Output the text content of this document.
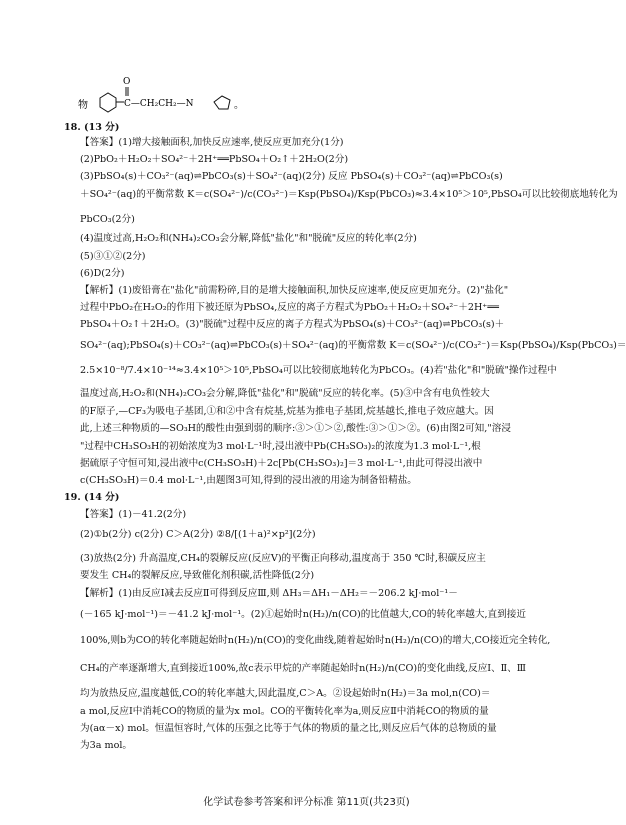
物
O
C—CH₂CH₂—N	。
18. (13 分)
【答案】(1)增大接触面积,加快反应速率,使反应更加充分(1分)
(2)PbO₂＋H₂O₂＋SO₄²⁻＋2H⁺══PbSO₄＋O₂↑＋2H₂O(2分)
(3)PbSO₄(s)＋CO₃²⁻(aq)⇌PbCO₃(s)＋SO₄²⁻(aq)(2分) 反应 PbSO₄(s)＋CO₃²⁻(aq)⇌PbCO₃(s)
＋SO₄²⁻(aq)的平衡常数 K＝c(SO₄²⁻)/c(CO₃²⁻)＝Ksp(PbSO₄)/Ksp(PbCO₃)≈3.4×10⁵＞10⁵,PbSO₄可以比较彻底地转化为
PbCO₃(2分)
(4)温度过高,H₂O₂和(NH₄)₂CO₃会分解,降低"盐化"和"脱硫"反应的转化率(2分)
(5)③①②(2分)
(6)D(2分)
【解析】(1)废铅膏在"盐化"前需粉碎,目的是增大接触面积,加快反应速率,使反应更加充分。(2)"盐化"
过程中PbO₂在H₂O₂的作用下被还原为PbSO₄,反应的离子方程式为PbO₂＋H₂O₂＋SO₄²⁻＋2H⁺══
PbSO₄＋O₂↑＋2H₂O。(3)"脱硫"过程中反应的离子方程式为PbSO₄(s)＋CO₃²⁻(aq)⇌PbCO₃(s)＋
SO₄²⁻(aq);PbSO₄(s)＋CO₃²⁻(aq)⇌PbCO₃(s)＋SO₄²⁻(aq)的平衡常数 K＝c(SO₄²⁻)/c(CO₃²⁻)＝Ksp(PbSO₄)/Ksp(PbCO₃)＝
2.5×10⁻⁸/7.4×10⁻¹⁴≈3.4×10⁵＞10⁵,PbSO₄可以比较彻底地转化为PbCO₃。(4)若"盐化"和"脱硫"操作过程中
温度过高,H₂O₂和(NH₄)₂CO₃会分解,降低"盐化"和"脱硫"反应的转化率。(5)③中含有电负性较大
的F原子,—CF₃为吸电子基团,①和②中含有烷基,烷基为推电子基团,烷基越长,推电子效应越大。因
此,上述三种物质的—SO₃H的酸性由强到弱的顺序:③＞①＞②,酸性:③＞①＞②。(6)由图2可知,"溶浸
"过程中CH₃SO₃H的初始浓度为3 mol·L⁻¹时,浸出液中Pb(CH₃SO₃)₂的浓度为1.3 mol·L⁻¹,根
据硫原子守恒可知,浸出液中c(CH₃SO₃H)＋2c[Pb(CH₃SO₃)₂]＝3 mol·L⁻¹,由此可得浸出液中
c(CH₃SO₃H)＝0.4 mol·L⁻¹,由题图3可知,得到的浸出液的用途为制备铅精盐。
19. (14 分)
【答案】(1)－41.2(2分)
(2)①b(2分) c(2分) C＞A(2分) ②8/[(1＋a)²×p²](2分)
(3)放热(2分) 升高温度,CH₄的裂解反应(反应Ⅴ)的平衡正向移动,温度高于 350 ℃时,积碳反应主
要发生 CH₄的裂解反应,导致催化剂积碳,活性降低(2分)
【解析】(1)由反应Ⅰ减去反应Ⅱ可得到反应Ⅲ,则 ΔH₃＝ΔH₁－ΔH₂＝－206.2 kJ·mol⁻¹－
(－165 kJ·mol⁻¹)＝－41.2 kJ·mol⁻¹。(2)①起始时n(H₂)/n(CO)的比值越大,CO的转化率越大,直到接近
100%,则b为CO的转化率随起始时n(H₂)/n(CO)的变化曲线,随着起始时n(H₂)/n(CO)的增大,CO接近完全转化,
CH₄的产率逐渐增大,直到接近100%,故c表示甲烷的产率随起始时n(H₂)/n(CO)的变化曲线,反应Ⅰ、Ⅱ、Ⅲ
均为放热反应,温度越低,CO的转化率越大,因此温度,C＞A。②设起始时n(H₂)＝3a mol,n(CO)＝
a mol,反应Ⅰ中消耗CO的物质的量为x mol。CO的平衡转化率为a,则反应Ⅱ中消耗CO的物质的量
为(aα－x) mol。恒温恒容时,气体的压强之比等于气体的物质的量之比,则反应后气体的总物质的量
为3a mol。
化学试卷参考答案和评分标准 第11页(共23页)
